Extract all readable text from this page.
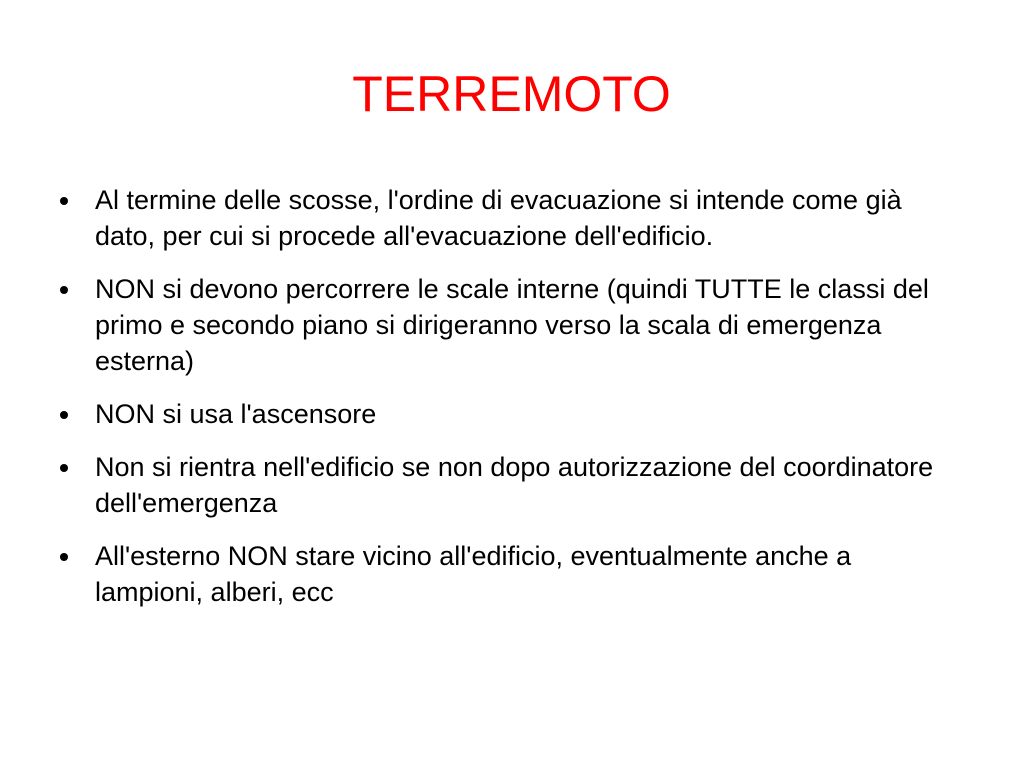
TERREMOTO
Al termine delle scosse, l'ordine di evacuazione si intende come già dato, per cui si procede all'evacuazione dell'edificio.
NON si devono percorrere le scale interne (quindi TUTTE le classi del primo e secondo piano si dirigeranno verso la scala di emergenza esterna)
NON si usa l'ascensore
Non si rientra nell'edificio se non dopo autorizzazione del coordinatore dell'emergenza
All'esterno NON stare vicino all'edificio, eventualmente anche a lampioni, alberi, ecc
